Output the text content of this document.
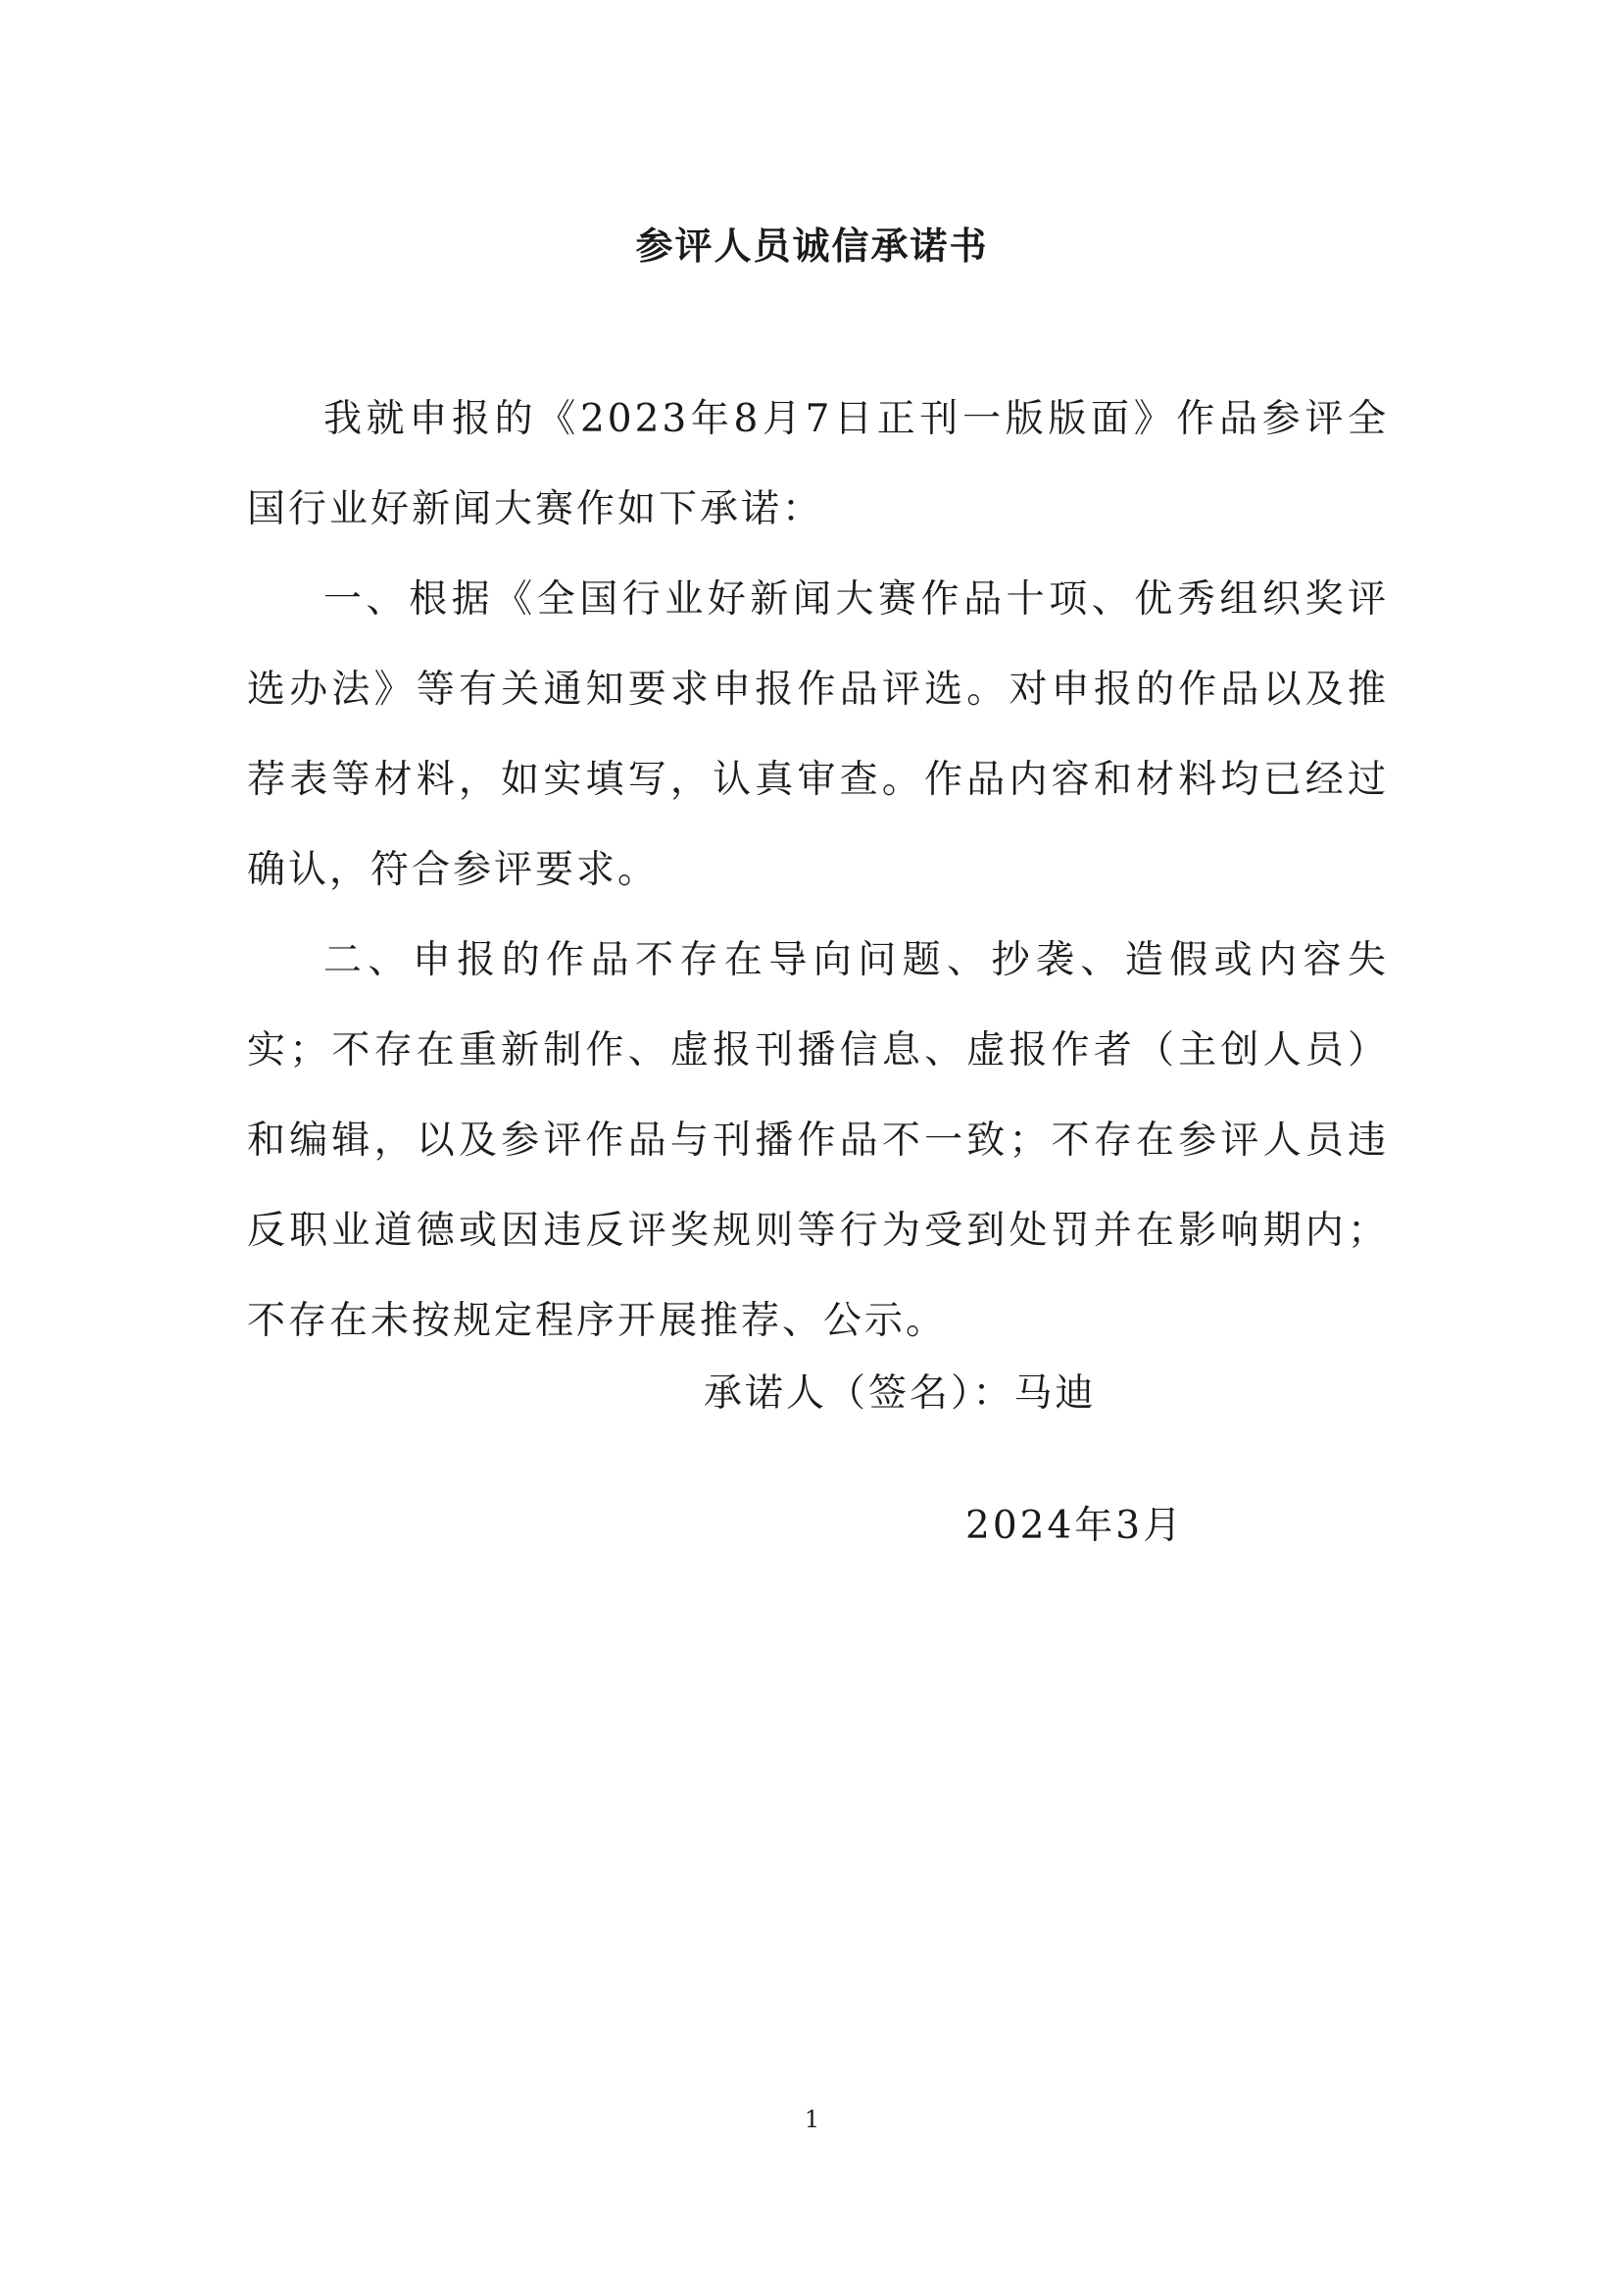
参评人员诚信承诺书

我就申报的《2023年8月7日正刊一版版面》作品参评全国行业好新闻大赛作如下承诺：

一、根据《全国行业好新闻大赛作品十项、优秀组织奖评选办法》等有关通知要求申报作品评选。对申报的作品以及推荐表等材料，如实填写，认真审查。作品内容和材料均已经过确认，符合参评要求。

二、申报的作品不存在导向问题、抄袭、造假或内容失实；不存在重新制作、虚报刊播信息、虚报作者（主创人员）和编辑，以及参评作品与刊播作品不一致；不存在参评人员违反职业道德或因违反评奖规则等行为受到处罚并在影响期内；不存在未按规定程序开展推荐、公示。

承诺人（签名）：马迪
2024年3月
1
